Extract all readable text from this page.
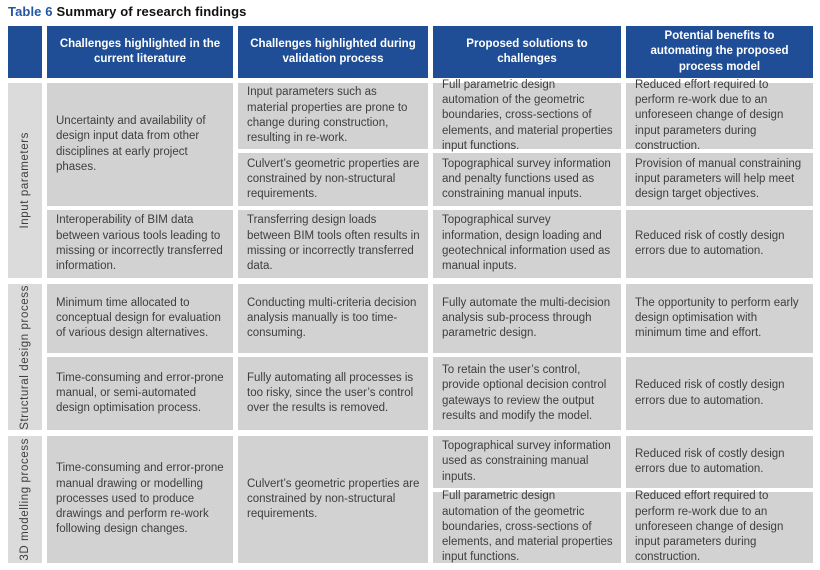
Table 6 Summary of research findings
Challenges highlighted in the current literature
Challenges highlighted during validation process
Proposed solutions to challenges
Potential benefits to automating the proposed process model
Input parameters
Uncertainty and availability of design input data from other disciplines at early project phases.
Interoperability of BIM data between various tools leading to missing or incorrectly transferred information.
Input parameters such as material properties are prone to change during construction, resulting in re-work.
Culvert’s geometric properties are constrained by non-structural requirements.
Transferring design loads between BIM tools often results in missing or incorrectly transferred data.
Full parametric design automation of the geometric boundaries, cross-sections of elements, and material properties input functions.
Topographical survey information and penalty functions used as constraining manual inputs.
Topographical survey information, design loading and geotechnical information used as manual inputs.
Reduced effort required to perform re-work due to an unforeseen change of design input parameters during construction.
Provision of manual constraining input parameters will help meet design target objectives.
Reduced risk of costly design errors due to automation.
Structural design process	Minimum time allocated to conceptual design for evaluation of various design alternatives.
Time-consuming and error-prone manual, or semi-automated design optimisation process.
Conducting multi-criteria decision analysis manually is too time-consuming.
Fully automating all processes is too risky, since the user’s control over the results is removed.
Fully automate the multi-decision analysis sub-process through parametric design.
To retain the user’s control, provide optional decision control gateways to review the output results and modify the model.
The opportunity to perform early design optimisation with minimum time and effort.
Reduced risk of costly design errors due to automation.
3D modelling process	Time-consuming and error-prone manual drawing or modelling processes used to produce drawings and perform re-work following design changes.
Culvert’s geometric properties are constrained by non-structural requirements.
Topographical survey information used as constraining manual inputs.
Full parametric design automation of the geometric boundaries, cross-sections of elements, and material properties input functions.
Reduced risk of costly design errors due to automation.
Reduced effort required to perform re-work due to an unforeseen change of design input parameters during construction.
